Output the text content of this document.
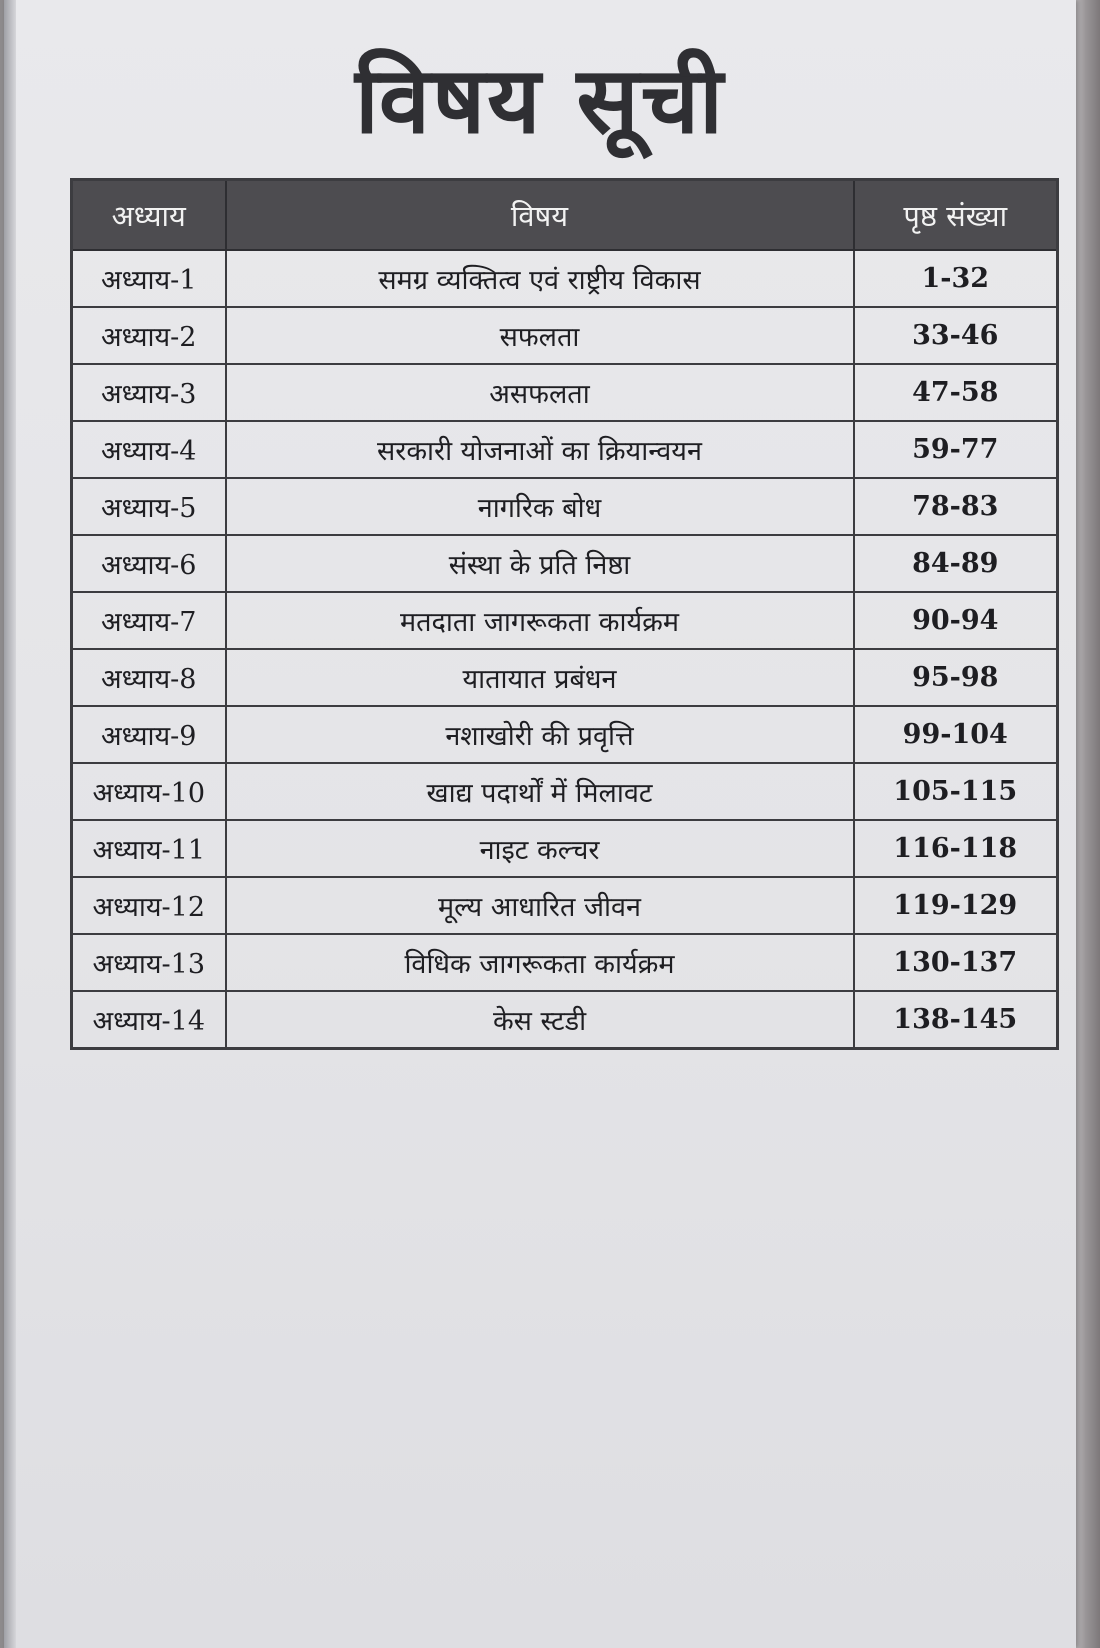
विषय सूची
अध्याय	विषय	पृष्ठ संख्या
अध्याय-1	समग्र व्यक्तित्व एवं राष्ट्रीय विकास	1-32
अध्याय-2	सफलता	33-46
अध्याय-3	असफलता	47-58
अध्याय-4	सरकारी योजनाओं का क्रियान्वयन	59-77
अध्याय-5	नागरिक बोध	78-83
अध्याय-6	संस्था के प्रति निष्ठा	84-89
अध्याय-7	मतदाता जागरूकता कार्यक्रम	90-94
अध्याय-8	यातायात प्रबंधन	95-98
अध्याय-9	नशाखोरी की प्रवृत्ति	99-104
अध्याय-10	खाद्य पदार्थों में मिलावट	105-115
अध्याय-11	नाइट कल्चर	116-118
अध्याय-12	मूल्य आधारित जीवन	119-129
अध्याय-13	विधिक जागरूकता कार्यक्रम	130-137
अध्याय-14	केस स्टडी	138-145
